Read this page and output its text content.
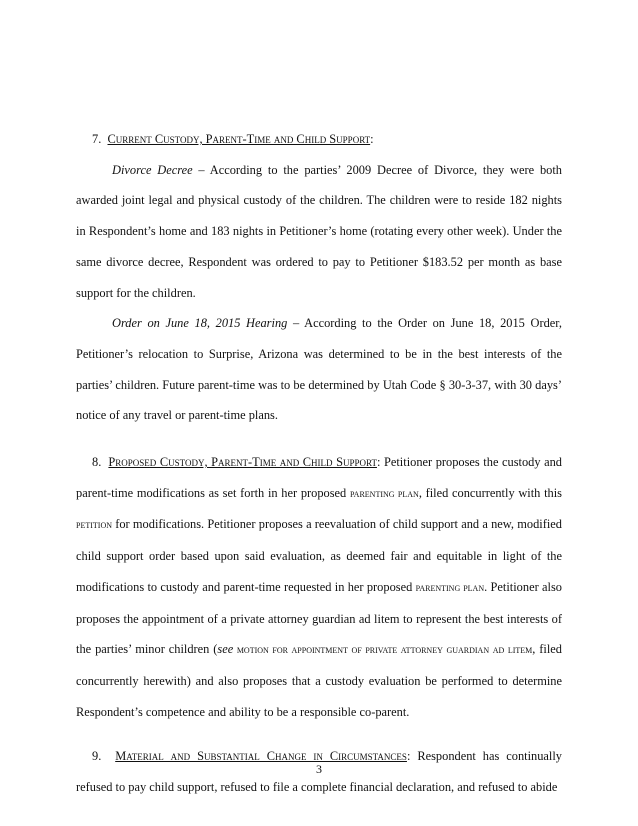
7. Current Custody, Parent-Time and Child Support:

Divorce Decree – According to the parties’ 2009 Decree of Divorce, they were both awarded joint legal and physical custody of the children. The children were to reside 182 nights in Respondent’s home and 183 nights in Petitioner’s home (rotating every other week). Under the same divorce decree, Respondent was ordered to pay to Petitioner $183.52 per month as base support for the children.

Order on June 18, 2015 Hearing – According to the Order on June 18, 2015 Order, Petitioner’s relocation to Surprise, Arizona was determined to be in the best interests of the parties’ children. Future parent-time was to be determined by Utah Code § 30-3-37, with 30 days’ notice of any travel or parent-time plans.

8. Proposed Custody, Parent-Time and Child Support: Petitioner proposes the custody and parent-time modifications as set forth in her proposed parenting plan, filed concurrently with this petition for modifications. Petitioner proposes a reevaluation of child support and a new, modified child support order based upon said evaluation, as deemed fair and equitable in light of the modifications to custody and parent-time requested in her proposed parenting plan. Petitioner also proposes the appointment of a private attorney guardian ad litem to represent the best interests of the parties’ minor children (see motion for appointment of private attorney guardian ad litem, filed concurrently herewith) and also proposes that a custody evaluation be performed to determine Respondent’s competence and ability to be a responsible co-parent.

9. Material and Substantial Change in Circumstances: Respondent has continually refused to pay child support, refused to file a complete financial declaration, and refused to abide

3
